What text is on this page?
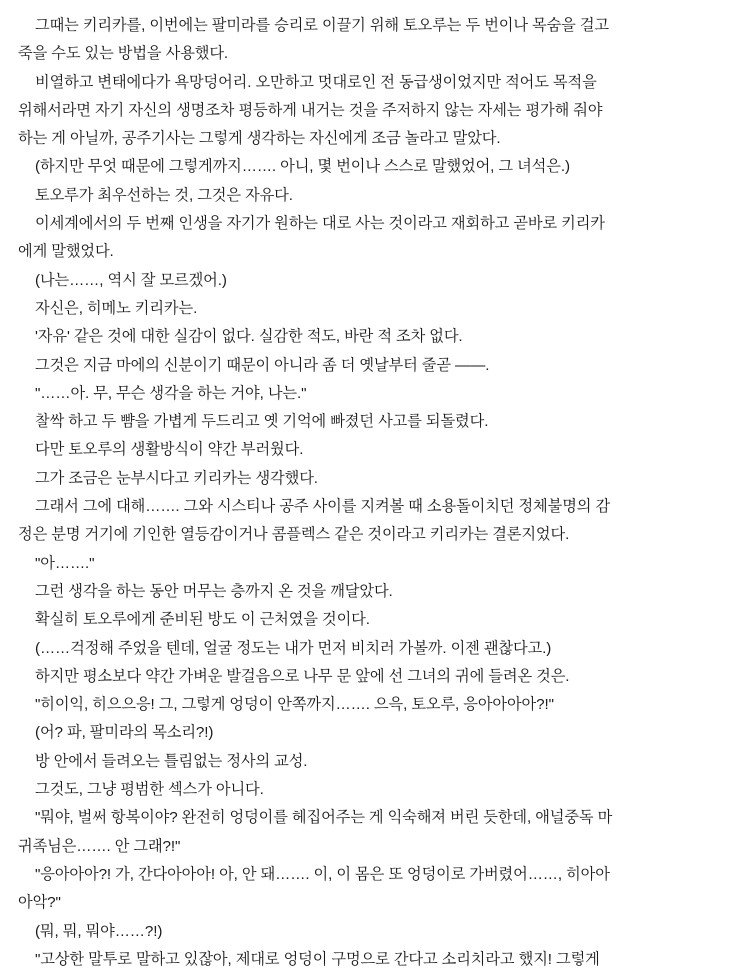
그때는 키리카를, 이번에는 팔미라를 승리로 이끌기 위해 토오루는 두 번이나 목숨을 걸고

죽을 수도 있는 방법을 사용했다.

비열하고 변태에다가 욕망덩어리. 오만하고 멋대로인 전 동급생이었지만 적어도 목적을

위해서라면 자기 자신의 생명조차 평등하게 내거는 것을 주저하지 않는 자세는 평가해 줘야

하는 게 아닐까, 공주기사는 그렇게 생각하는 자신에게 조금 놀라고 말았다.

(하지만 무엇 때문에 그렇게까지……. 아니, 몇 번이나 스스로 말했었어, 그 녀석은.)

토오루가 최우선하는 것, 그것은 자유다.

이세계에서의 두 번째 인생을 자기가 원하는 대로 사는 것이라고 재회하고 곧바로 키리카

에게 말했었다.

(나는……, 역시 잘 모르겠어.)

자신은, 히메노 키리카는.

'자유' 같은 것에 대한 실감이 없다. 실감한 적도, 바란 적 조차 없다.

그것은 지금 마에의 신분이기 때문이 아니라 좀 더 옛날부터 줄곧 ——.

"……아. 무, 무슨 생각을 하는 거야, 나는."

찰싹 하고 두 뺨을 가볍게 두드리고 옛 기억에 빠졌던 사고를 되돌렸다.

다만 토오루의 생활방식이 약간 부러웠다.

그가 조금은 눈부시다고 키리카는 생각했다.

그래서 그에 대해……. 그와 시스티나 공주 사이를 지켜볼 때 소용돌이치던 정체불명의 감

정은 분명 거기에 기인한 열등감이거나 콤플렉스 같은 것이라고 키리카는 결론지었다.

"아……."

그런 생각을 하는 동안 머무는 층까지 온 것을 깨달았다.

확실히 토오루에게 준비된 방도 이 근처였을 것이다.

(……걱정해 주었을 텐데, 얼굴 정도는 내가 먼저 비치러 가볼까. 이젠 괜찮다고.)

하지만 평소보다 약간 가벼운 발걸음으로 나무 문 앞에 선 그녀의 귀에 들려온 것은.

"히이익, 히으으응! 그, 그렇게 엉덩이 안쪽까지……. 으윽, 토오루, 응아아아아?!"

(어? 파, 팔미라의 목소리?!)

방 안에서 들려오는 틀림없는 정사의 교성.

그것도, 그냥 평범한 섹스가 아니다.

"뭐야, 벌써 항복이야? 완전히 엉덩이를 헤집어주는 게 익숙해져 버린 듯한데, 애널중독 마

귀족님은……. 안 그래?!"

"응아아아?! 가, 간다아아아! 아, 안 돼……. 이, 이 몸은 또 엉덩이로 가버렸어……, 히아아

아악?"

(뭐, 뭐, 뭐야……?!)

"고상한 말투로 말하고 있잖아, 제대로 엉덩이 구멍으로 간다고 소리치라고 했지! 그렇게
